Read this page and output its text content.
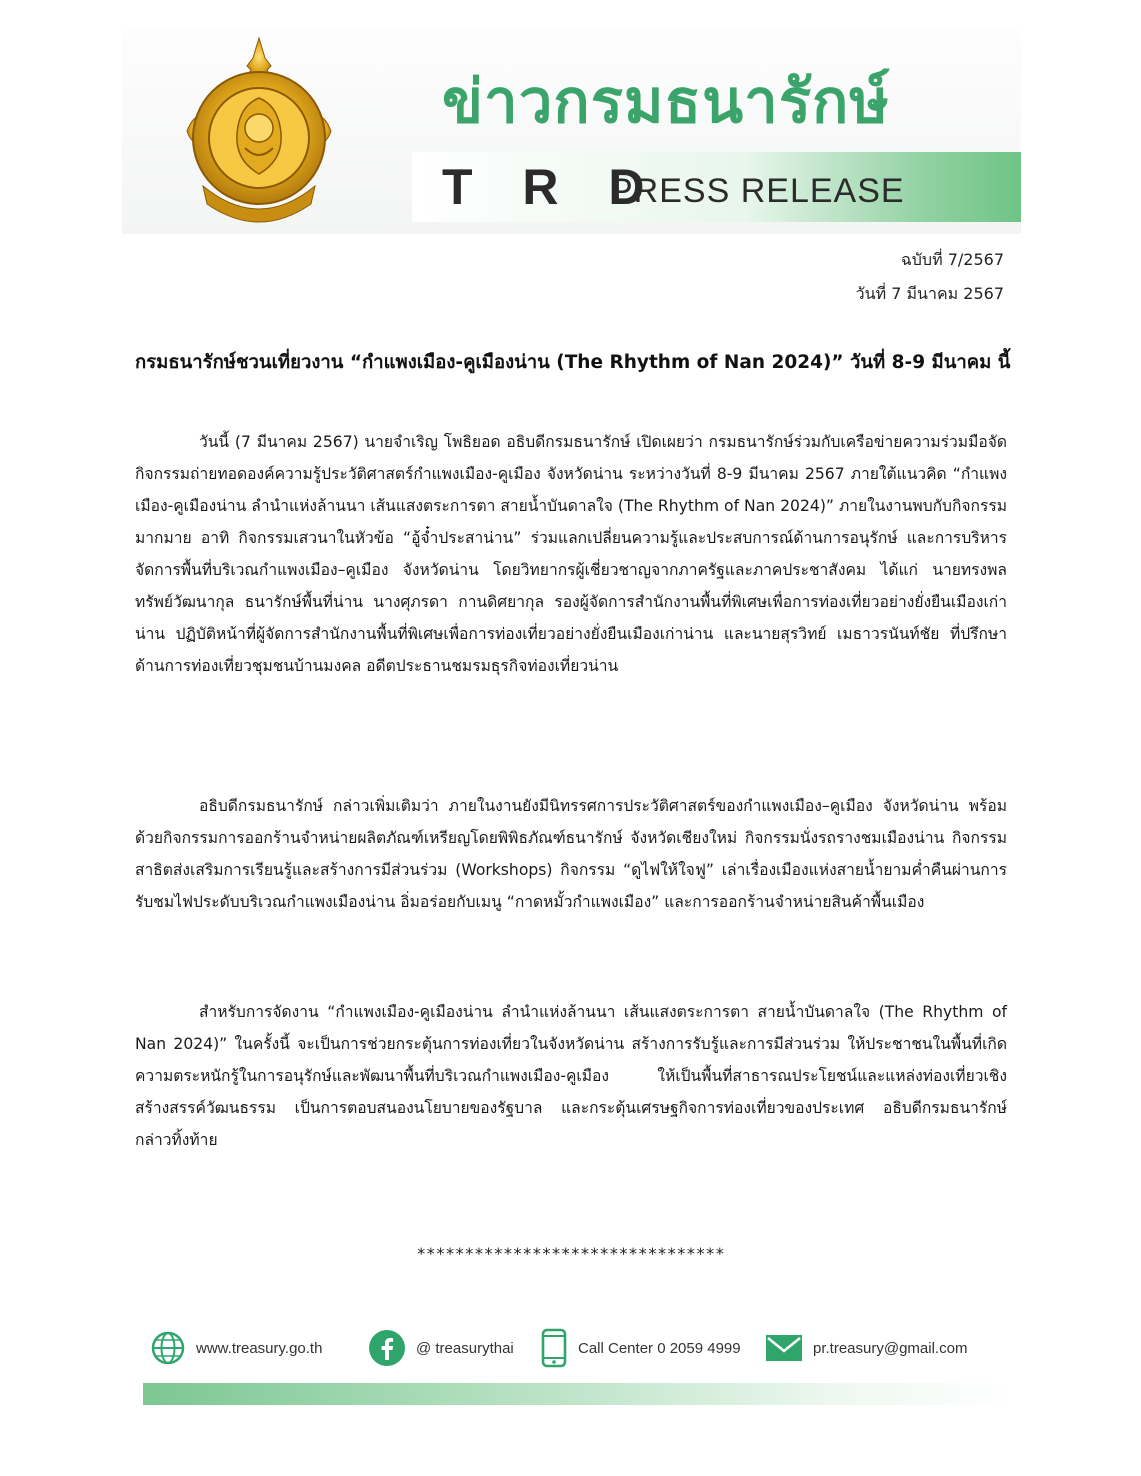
ข่าวกรมธนารักษ์
T R D
PRESS RELEASE
ฉบับที่ 7/2567
วันที่ 7 มีนาคม 2567
กรมธนารักษ์ชวนเที่ยวงาน “กำแพงเมือง-คูเมืองน่าน (The Rhythm of Nan 2024)” วันที่ 8-9 มีนาคม นี้

วันนี้ (7 มีนาคม 2567) นายจำเริญ โพธิยอด อธิบดีกรมธนารักษ์ เปิดเผยว่า กรมธนารักษ์ร่วมกับเครือข่ายความร่วมมือจัดกิจกรรมถ่ายทอดองค์ความรู้ประวัติศาสตร์กำแพงเมือง-คูเมือง จังหวัดน่าน ระหว่างวันที่ 8-9 มีนาคม 2567 ภายใต้แนวคิด “กำแพงเมือง-คูเมืองน่าน ลำนำแห่งล้านนา เส้นแสงตระการตา สายน้ำบันดาลใจ (The Rhythm of Nan 2024)” ภายในงานพบกับกิจกรรมมากมาย อาทิ กิจกรรมเสวนาในหัวข้อ “อู้จ๋ำประสาน่าน” ร่วมแลกเปลี่ยนความรู้และประสบการณ์ด้านการอนุรักษ์ และการบริหารจัดการพื้นที่บริเวณกำแพงเมือง–คูเมือง จังหวัดน่าน โดยวิทยากรผู้เชี่ยวชาญจากภาครัฐและภาคประชาสังคม ได้แก่ นายทรงพล ทรัพย์วัฒนากุล ธนารักษ์พื้นที่น่าน นางศุภรดา กานดิศยากุล รองผู้จัดการสำนักงานพื้นที่พิเศษเพื่อการท่องเที่ยวอย่างยั่งยืนเมืองเก่าน่าน ปฏิบัติหน้าที่ผู้จัดการสำนักงานพื้นที่พิเศษเพื่อการท่องเที่ยวอย่างยั่งยืนเมืองเก่าน่าน และนายสุรวิทย์ เมธาวรนันท์ชัย ที่ปรึกษาด้านการท่องเที่ยวชุมชนบ้านมงคล อดีตประธานชมรมธุรกิจท่องเที่ยวน่าน

อธิบดีกรมธนารักษ์ กล่าวเพิ่มเติมว่า ภายในงานยังมีนิทรรศการประวัติศาสตร์ของกำแพงเมือง–คูเมือง จังหวัดน่าน พร้อมด้วยกิจกรรมการออกร้านจำหน่ายผลิตภัณฑ์เหรียญโดยพิพิธภัณฑ์ธนารักษ์ จังหวัดเชียงใหม่ กิจกรรมนั่งรถรางชมเมืองน่าน กิจกรรมสาธิตส่งเสริมการเรียนรู้และสร้างการมีส่วนร่วม (Workshops) กิจกรรม “ดูไฟให้ใจฟู” เล่าเรื่องเมืองแห่งสายน้ำยามค่ำคืนผ่านการรับชมไฟประดับบริเวณกำแพงเมืองน่าน อิ่มอร่อยกับเมนู “กาดหมั้วกำแพงเมือง” และการออกร้านจำหน่ายสินค้าพื้นเมือง

สำหรับการจัดงาน “กำแพงเมือง-คูเมืองน่าน ลำนำแห่งล้านนา เส้นแสงตระการตา สายน้ำบันดาลใจ (The Rhythm of Nan 2024)” ในครั้งนี้ จะเป็นการช่วยกระตุ้นการท่องเที่ยวในจังหวัดน่าน สร้างการรับรู้และการมีส่วนร่วม ให้ประชาชนในพื้นที่เกิดความตระหนักรู้ในการอนุรักษ์และพัฒนาพื้นที่บริเวณกำแพงเมือง-คูเมือง ให้เป็นพื้นที่สาธารณประโยชน์และแหล่งท่องเที่ยวเชิงสร้างสรรค์วัฒนธรรม เป็นการตอบสนองนโยบายของรัฐบาล และกระตุ้นเศรษฐกิจการท่องเที่ยวของประเทศ อธิบดีกรมธนารักษ์ กล่าวทิ้งท้าย

********************************
www.treasury.go.th	@ treasurythai	Call Center 0 2059 4999	pr.treasury@gmail.com
